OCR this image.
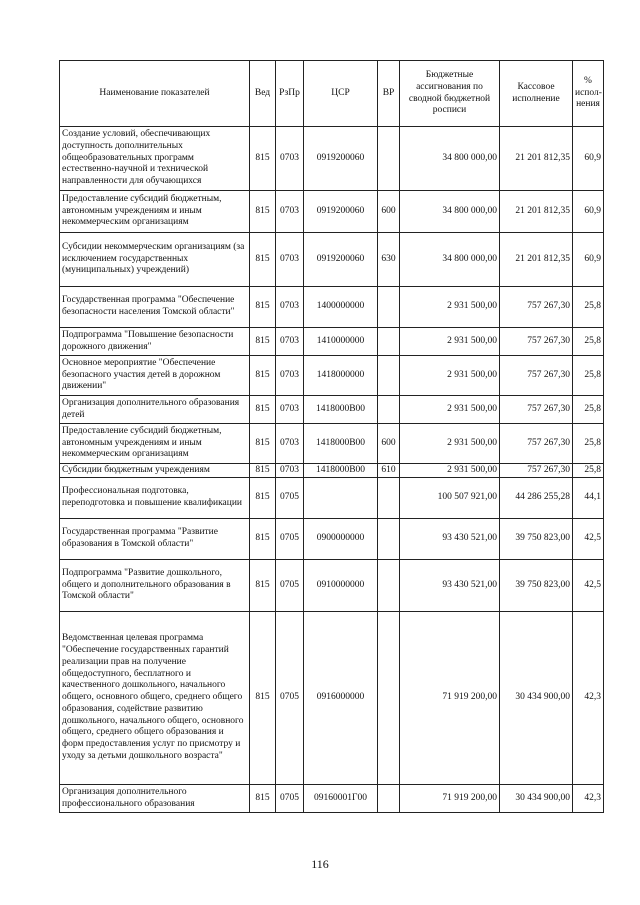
Наименование показателей	Вед	РзПр	ЦСР	ВР	Бюджетные ассигнования по сводной бюджетной росписи	Кассовое исполнение	% испол-нения
Создание условий, обеспечивающих доступность дополнительных общеобразовательных программ естественно-научной и технической направленности для обучающихся	815	0703	0919200060		34 800 000,00	21 201 812,35	60,9
Предоставление субсидий бюджетным, автономным учреждениям и иным некоммерческим организациям	815	0703	0919200060	600	34 800 000,00	21 201 812,35	60,9
Субсидии некоммерческим организациям (за исключением государственных (муниципальных) учреждений)	815	0703	0919200060	630	34 800 000,00	21 201 812,35	60,9
Государственная программа "Обеспечение безопасности населения Томской области"	815	0703	1400000000		2 931 500,00	757 267,30	25,8
Подпрограмма "Повышение безопасности дорожного движения"	815	0703	1410000000		2 931 500,00	757 267,30	25,8
Основное мероприятие "Обеспечение безопасного участия детей в дорожном движении"	815	0703	1418000000		2 931 500,00	757 267,30	25,8
Организация дополнительного образования детей	815	0703	1418000В00		2 931 500,00	757 267,30	25,8
Предоставление субсидий бюджетным, автономным учреждениям и иным некоммерческим организациям	815	0703	1418000В00	600	2 931 500,00	757 267,30	25,8
Субсидии бюджетным учреждениям	815	0703	1418000В00	610	2 931 500,00	757 267,30	25,8
Профессиональная подготовка, переподготовка и повышение квалификации	815	0705			100 507 921,00	44 286 255,28	44,1
Государственная программа "Развитие образования в Томской области"	815	0705	0900000000		93 430 521,00	39 750 823,00	42,5
Подпрограмма "Развитие дошкольного, общего и дополнительного образования в Томской области"	815	0705	0910000000		93 430 521,00	39 750 823,00	42,5
Ведомственная целевая программа "Обеспечение государственных гарантий реализации прав на получение общедоступного, бесплатного и качественного дошкольного, начального общего, основного общего, среднего общего образования, содействие развитию дошкольного, начального общего, основного общего, среднего общего образования и форм предоставления услуг по присмотру и уходу за детьми дошкольного возраста"	815	0705	0916000000		71 919 200,00	30 434 900,00	42,3
Организация дополнительного профессионального образования	815	0705	09160001Г00		71 919 200,00	30 434 900,00	42,3
116
